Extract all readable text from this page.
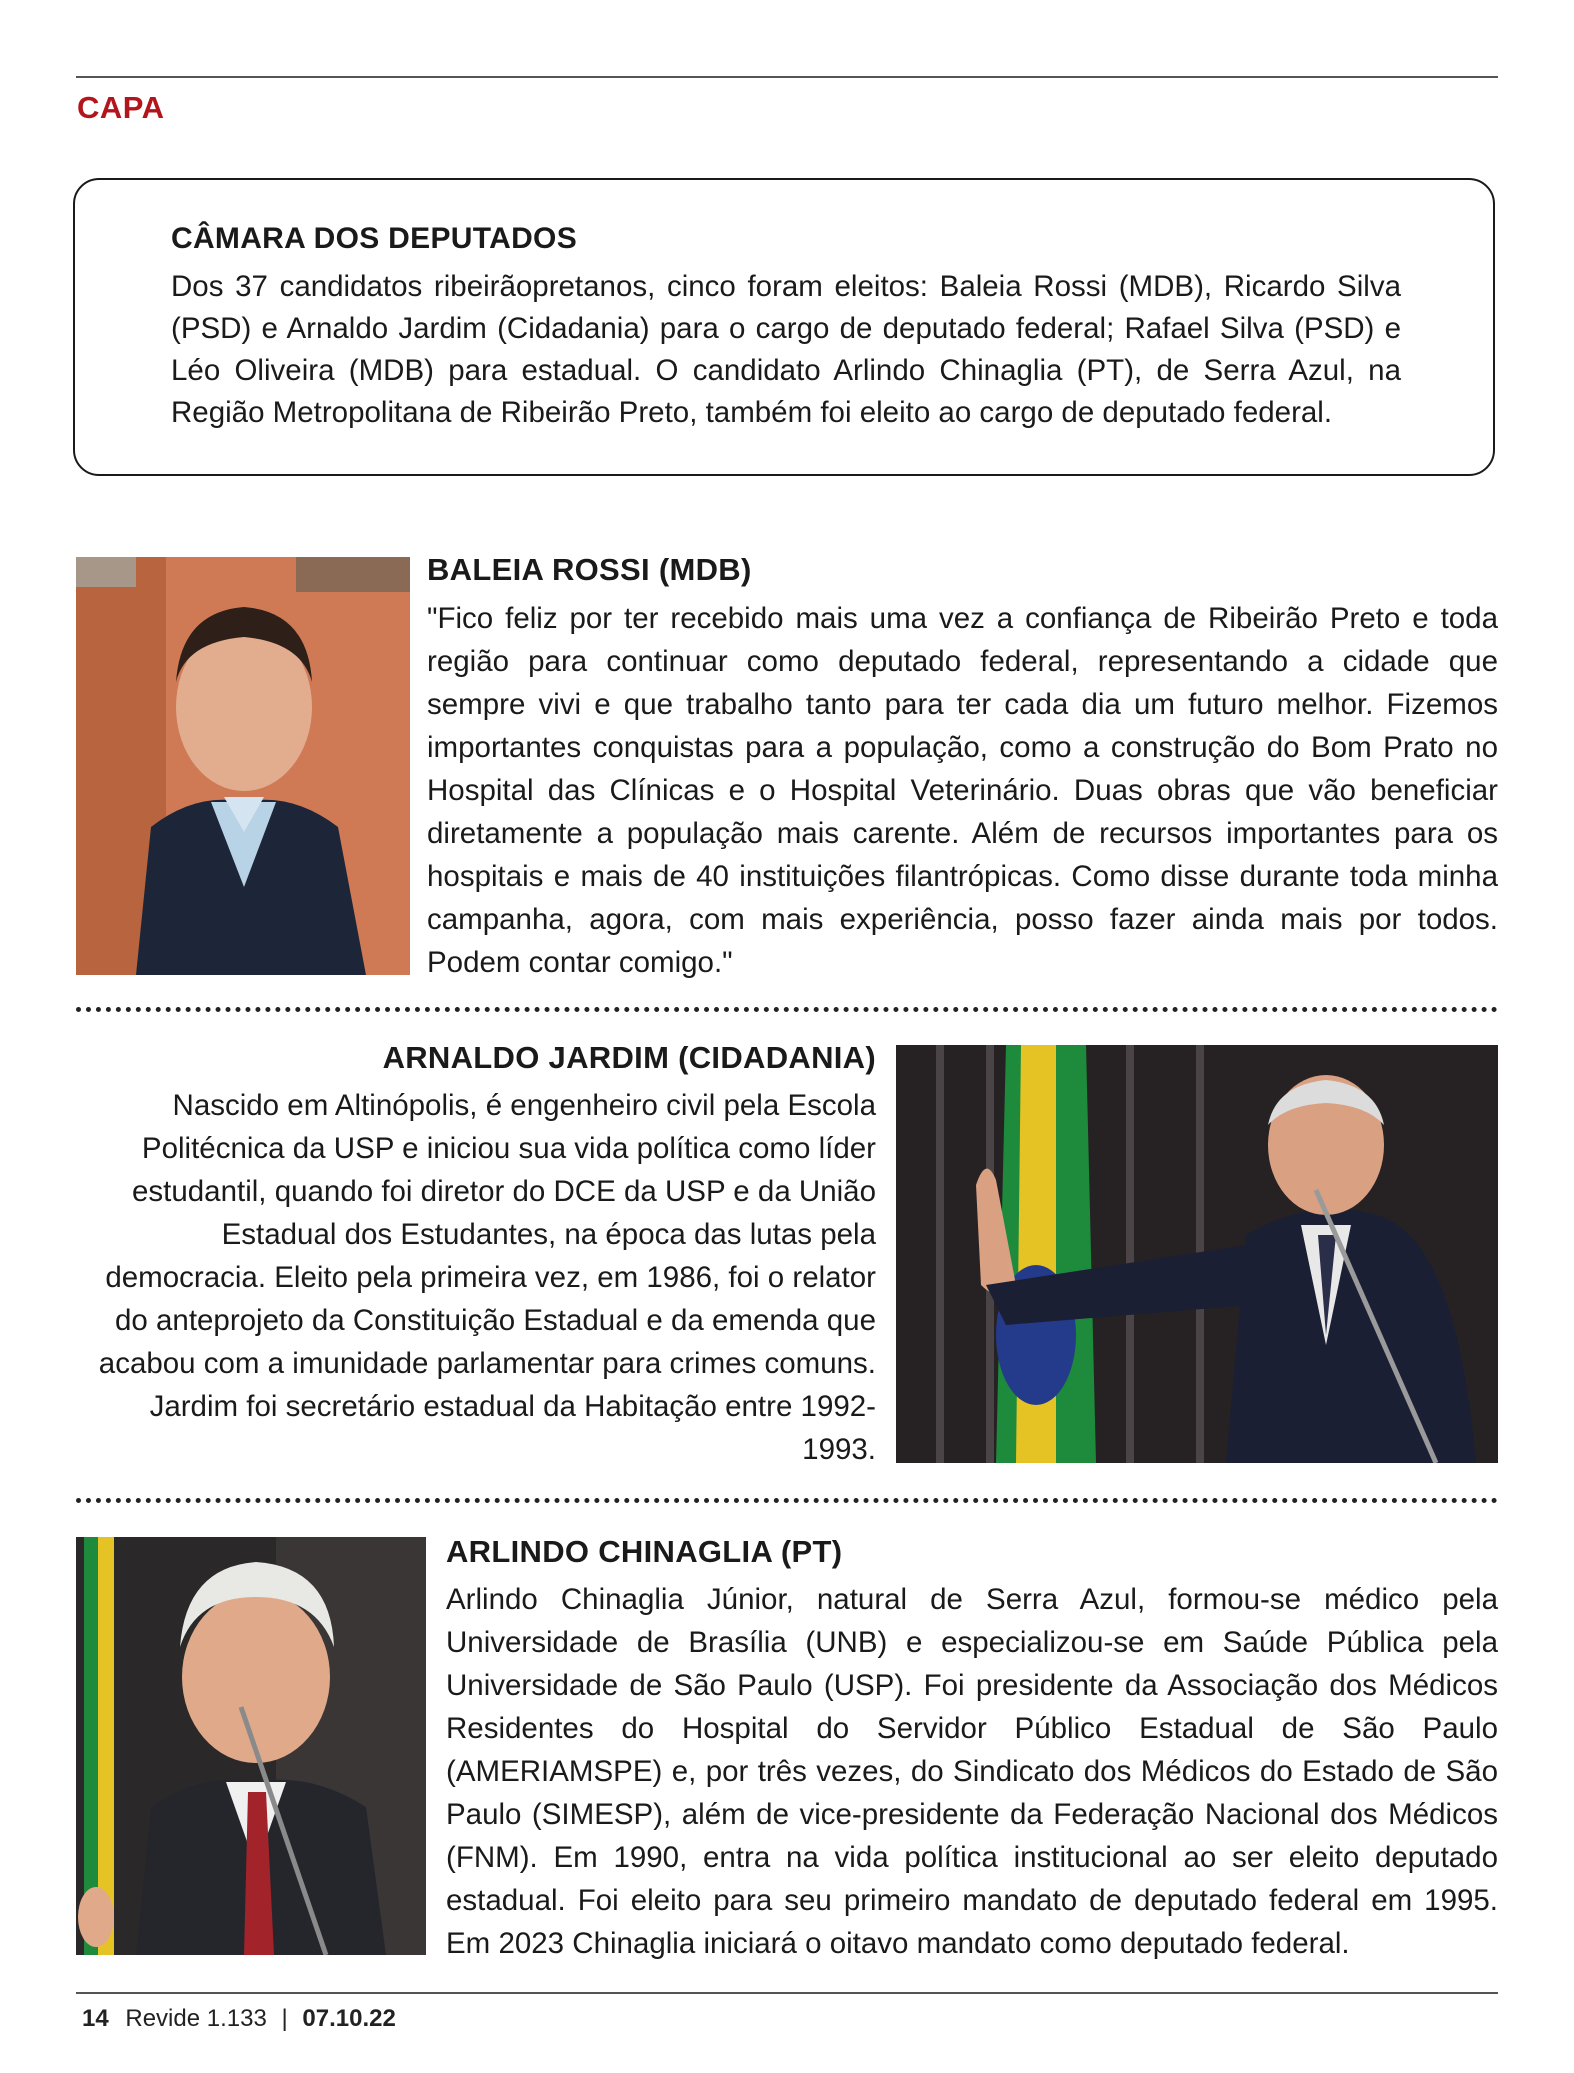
CAPA
CÂMARA DOS DEPUTADOS

Dos 37 candidatos ribeirãopretanos, cinco foram eleitos: Baleia Rossi (MDB), Ricardo Silva (PSD) e Arnaldo Jardim (Cidadania) para o cargo de deputado federal; Rafael Silva (PSD) e Léo Oliveira (MDB) para estadual. O candidato Arlindo Chinaglia (PT), de Serra Azul, na Região Metropolitana de Ribeirão Preto, também foi eleito ao cargo de deputado federal.

BALEIA ROSSI (MDB)

"Fico feliz por ter recebido mais uma vez a confiança de Ribeirão Preto e toda região para continuar como deputado federal, representando a cidade que sempre vivi e que trabalho tanto para ter cada dia um futuro melhor. Fizemos importantes conquistas para a população, como a construção do Bom Prato no Hospital das Clínicas e o Hospital Veterinário. Duas obras que vão beneficiar diretamente a população mais carente. Além de recursos importantes para os hospitais e mais de 40 instituições filantrópicas. Como disse durante toda minha campanha, agora, com mais experiência, posso fazer ainda mais por todos. Podem contar comigo."

ARNALDO JARDIM (CIDADANIA)

Nascido em Altinópolis, é engenheiro civil pela Escola Politécnica da USP e iniciou sua vida política como líder estudantil, quando foi diretor do DCE da USP e da União Estadual dos Estudantes, na época das lutas pela democracia. Eleito pela primeira vez, em 1986, foi o relator do anteprojeto da Constituição Estadual e da emenda que acabou com a imunidade parlamentar para crimes comuns. Jardim foi secretário estadual da Habitação entre 1992-1993.

ARLINDO CHINAGLIA (PT)

Arlindo Chinaglia Júnior, natural de Serra Azul, formou-se médico pela Universidade de Brasília (UNB) e especializou-se em Saúde Pública pela Universidade de São Paulo (USP). Foi presidente da Associação dos Médicos Residentes do Hospital do Servidor Público Estadual de São Paulo (AMERIAMSPE) e, por três vezes, do Sindicato dos Médicos do Estado de São Paulo (SIMESP), além de vice-presidente da Federação Nacional dos Médicos (FNM). Em 1990, entra na vida política institucional ao ser eleito deputado estadual. Foi eleito para seu primeiro mandato de deputado federal em 1995. Em 2023 Chinaglia iniciará o oitavo mandato como deputado federal.

14 Revide 1.133 | 07.10.22
